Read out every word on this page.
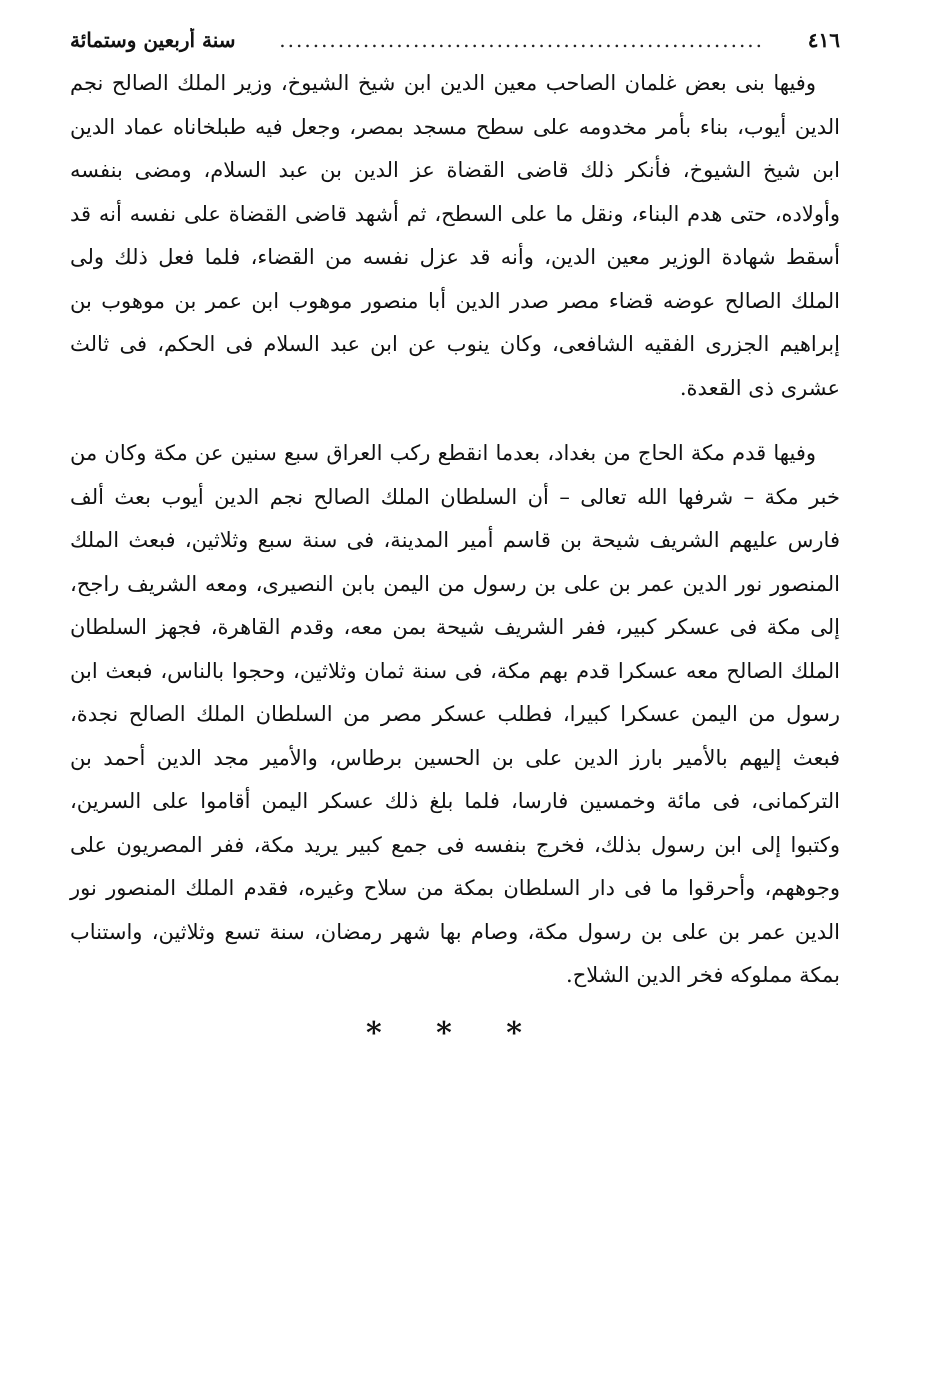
٤١٦
..........................................................
سنة أربعين وستمائة

وفيها بنى بعض غلمان الصاحب معين الدين ابن شيخ الشيوخ، وزير الملك الصالح نجم الدين أيوب، بناء بأمر مخدومه على سطح مسجد بمصر، وجعل فيه طبلخاناه عماد الدين ابن شيخ الشيوخ، فأنكر ذلك قاضى القضاة عز الدين بن عبد السلام، ومضى بنفسه وأولاده، حتى هدم البناء، ونقل ما على السطح، ثم أشهد قاضى القضاة على نفسه أنه قد أسقط شهادة الوزير معين الدين، وأنه قد عزل نفسه من القضاء، فلما فعل ذلك ولى الملك الصالح عوضه قضاء مصر صدر الدين أبا منصور موهوب ابن عمر بن موهوب بن إبراهيم الجزرى الفقيه الشافعى، وكان ينوب عن ابن عبد السلام فى الحكم، فى ثالث عشرى ذى القعدة.

وفيها قدم مكة الحاج من بغداد، بعدما انقطع ركب العراق سبع سنين عن مكة وكان من خبر مكة – شرفها الله تعالى – أن السلطان الملك الصالح نجم الدين أيوب بعث ألف فارس عليهم الشريف شيحة بن قاسم أمير المدينة، فى سنة سبع وثلاثين، فبعث الملك المنصور نور الدين عمر بن على بن رسول من اليمن بابن النصيرى، ومعه الشريف راجح، إلى مكة فى عسكر كبير، ففر الشريف شيحة بمن معه، وقدم القاهرة، فجهز السلطان الملك الصالح معه عسكرا قدم بهم مكة، فى سنة ثمان وثلاثين، وحجوا بالناس، فبعث ابن رسول من اليمن عسكرا كبيرا، فطلب عسكر مصر من السلطان الملك الصالح نجدة، فبعث إليهم بالأمير بارز الدين على بن الحسين برطاس، والأمير مجد الدين أحمد بن التركمانى، فى مائة وخمسين فارسا، فلما بلغ ذلك عسكر اليمن أقاموا على السرين، وكتبوا إلى ابن رسول بذلك، فخرج بنفسه فى جمع كبير يريد مكة، ففر المصريون على وجوههم، وأحرقوا ما فى دار السلطان بمكة من سلاح وغيره، فقدم الملك المنصور نور الدين عمر بن على بن رسول مكة، وصام بها شهر رمضان، سنة تسع وثلاثين، واستناب بمكة مملوكه فخر الدين الشلاح.

* * *
